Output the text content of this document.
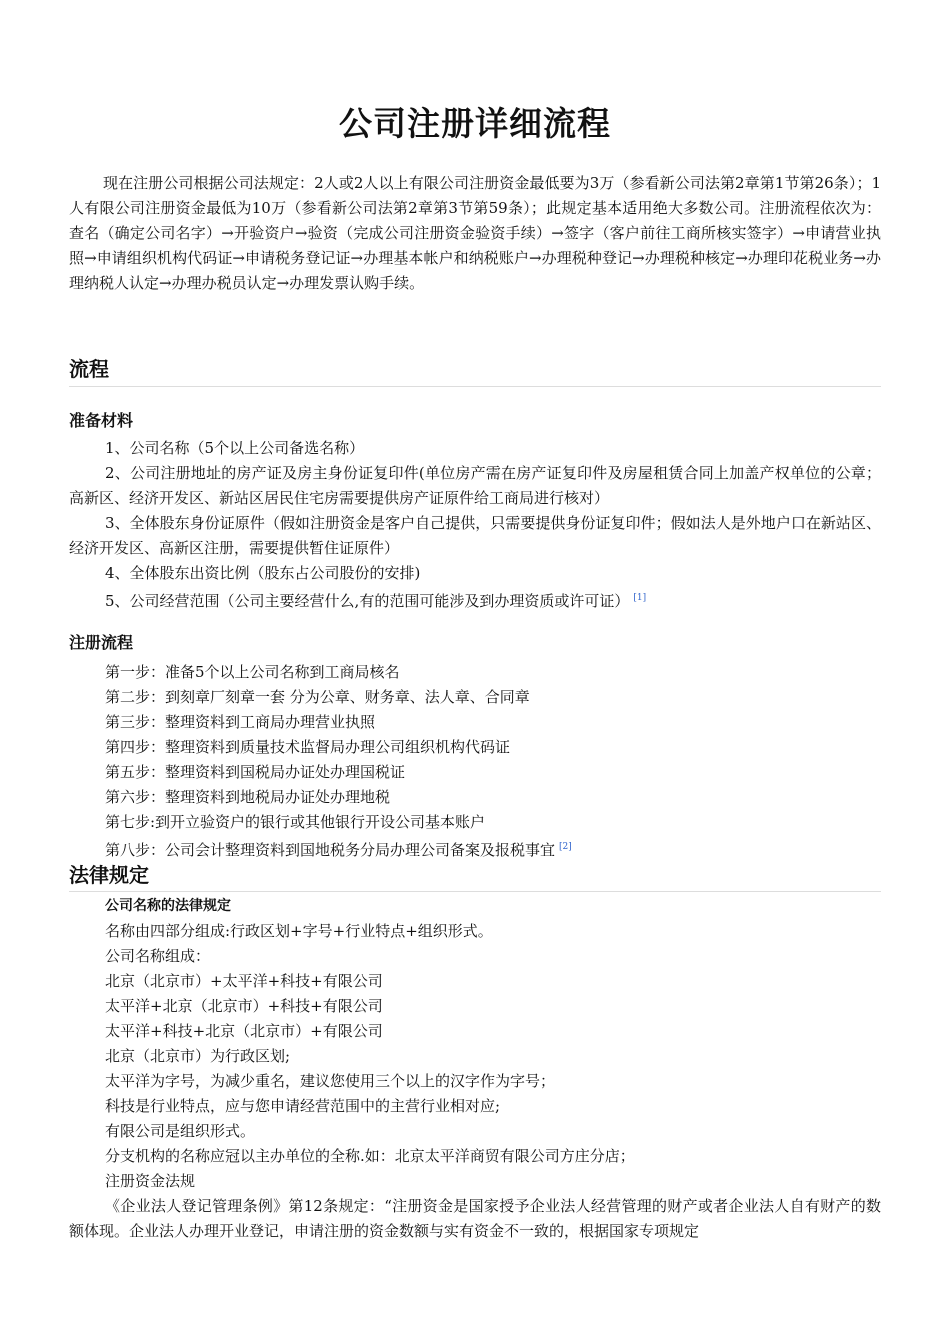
公司注册详细流程
现在注册公司根据公司法规定：2人或2人以上有限公司注册资金最低要为3万（参看新公司法第2章第1节第26条）；1人有限公司注册资金最低为10万（参看新公司法第2章第3节第59条）；此规定基本适用绝大多数公司。注册流程依次为：查名（确定公司名字）→开验资户→验资（完成公司注册资金验资手续）→签字（客户前往工商所核实签字）→申请营业执照→申请组织机构代码证→申请税务登记证→办理基本帐户和纳税账户→办理税种登记→办理税种核定→办理印花税业务→办理纳税人认定→办理办税员认定→办理发票认购手续。
流程
准备材料
1、公司名称（5个以上公司备选名称）
2、公司注册地址的房产证及房主身份证复印件(单位房产需在房产证复印件及房屋租赁合同上加盖产权单位的公章；高新区、经济开发区、新站区居民住宅房需要提供房产证原件给工商局进行核对）
3、全体股东身份证原件（假如注册资金是客户自己提供，只需要提供身份证复印件；假如法人是外地户口在新站区、经济开发区、高新区注册，需要提供暂住证原件）
4、全体股东出资比例（股东占公司股份的安排)
5、公司经营范围（公司主要经营什么,有的范围可能涉及到办理资质或许可证） [1]
注册流程
第一步：准备5个以上公司名称到工商局核名
第二步：到刻章厂刻章一套 分为公章、财务章、法人章、合同章
第三步：整理资料到工商局办理营业执照
第四步：整理资料到质量技术监督局办理公司组织机构代码证
第五步：整理资料到国税局办证处办理国税证
第六步：整理资料到地税局办证处办理地税
第七步:到开立验资户的银行或其他银行开设公司基本账户
第八步：公司会计整理资料到国地税务分局办理公司备案及报税事宜 [2]
法律规定
公司名称的法律规定
名称由四部分组成:行政区划+字号+行业特点+组织形式。
公司名称组成：
北京（北京市）+太平洋+科技+有限公司
太平洋+北京（北京市）+科技+有限公司
太平洋+科技+北京（北京市）+有限公司
北京（北京市）为行政区划;
太平洋为字号，为减少重名，建议您使用三个以上的汉字作为字号；
科技是行业特点，应与您申请经营范围中的主营行业相对应;
有限公司是组织形式。
分支机构的名称应冠以主办单位的全称.如：北京太平洋商贸有限公司方庄分店；
注册资金法规
《企业法人登记管理条例》第12条规定：“注册资金是国家授予企业法人经营管理的财产或者企业法人自有财产的数额体现。企业法人办理开业登记，申请注册的资金数额与实有资金不一致的，根据国家专项规定
